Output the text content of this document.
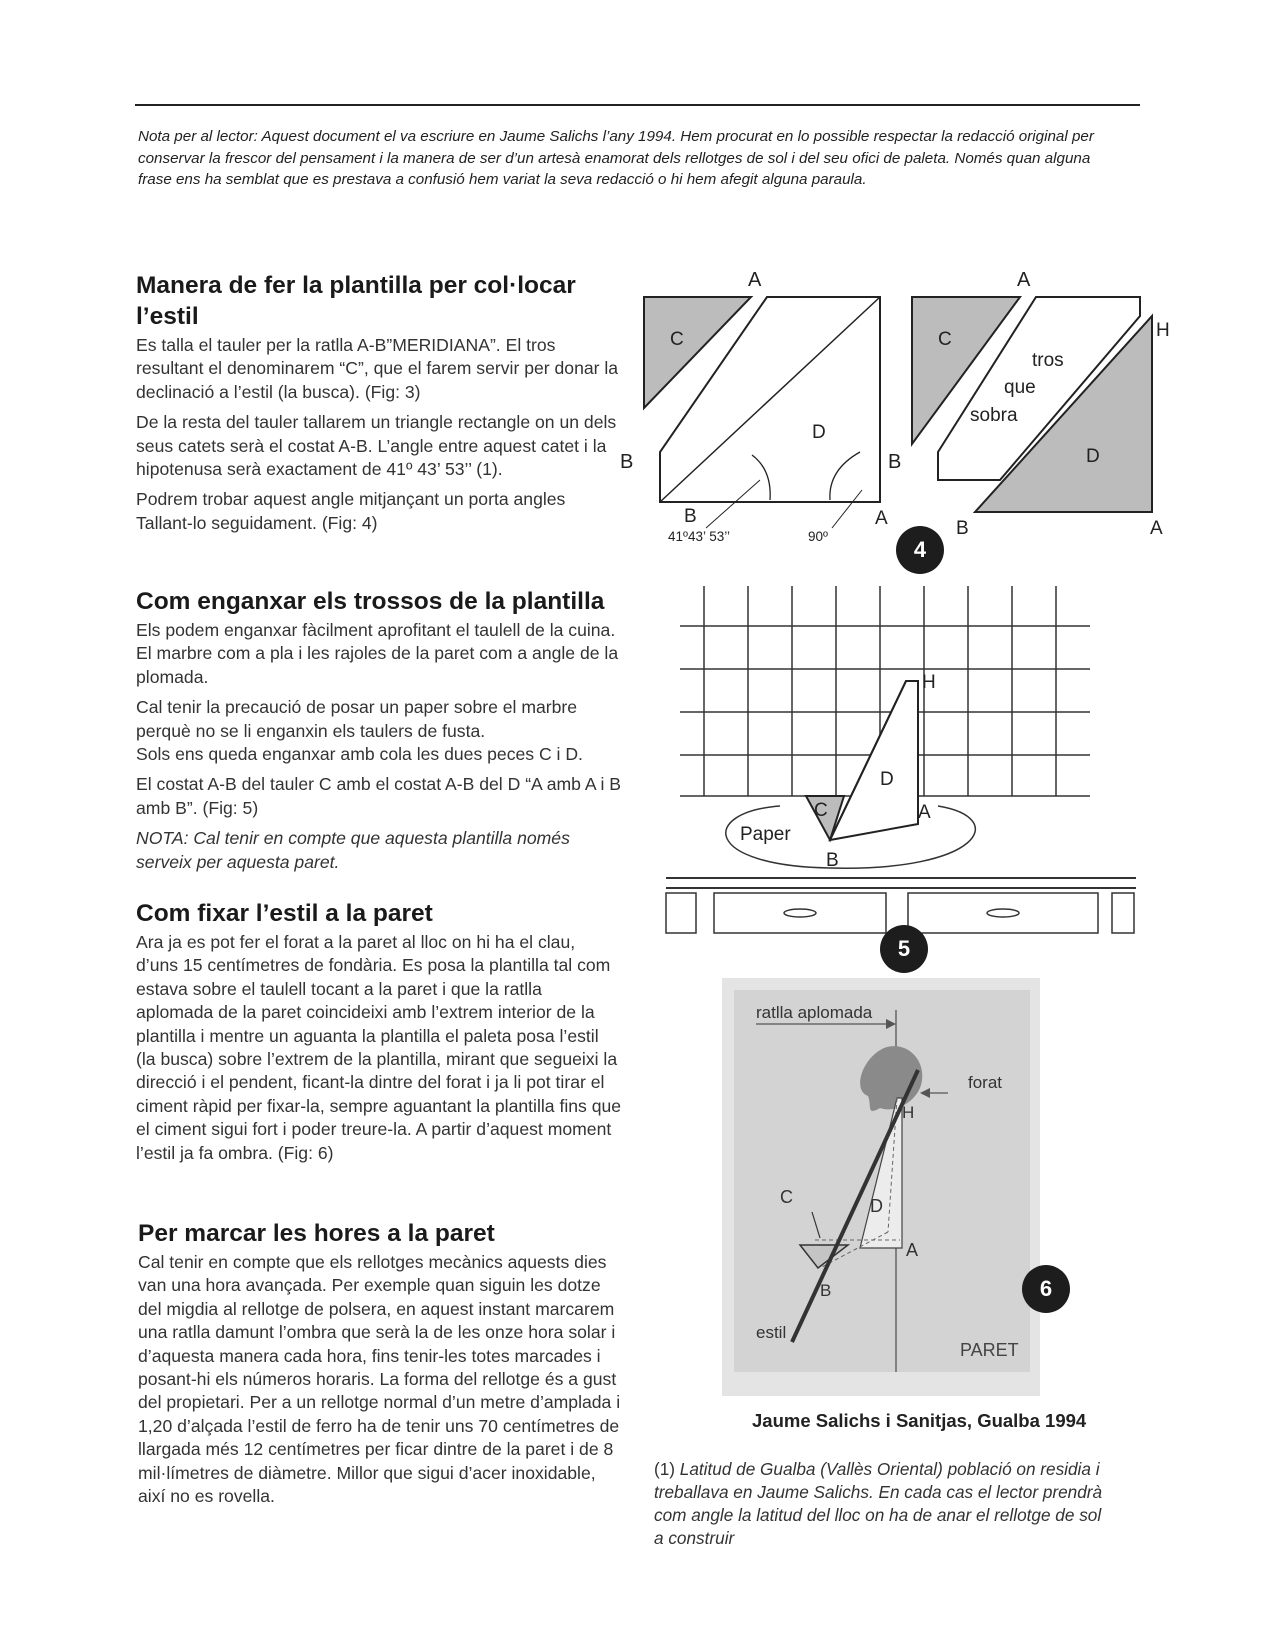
Nota per al lector: Aquest document el va escriure en Jaume Salichs l’any 1994. Hem procurat en lo possible respectar la redacció original per conservar la frescor del pensament i la manera de ser d’un artesà enamorat dels rellotges de sol i del seu ofici de paleta. Només quan alguna frase ens ha semblat que es prestava a confusió hem variat la seva redacció o hi hem afegit alguna paraula.
Manera de fer la plantilla per col·locar l’estil

Es talla el tauler per la ratlla A-B”MERIDIANA”. El tros resultant el denominarem “C”, que el farem servir per donar la declinació a l’estil (la busca). (Fig: 3)

De la resta del tauler tallarem un triangle rectangle on un dels seus catets serà el costat A-B. L’angle entre aquest catet i la hipotenusa serà exactament de 41º 43’ 53’’ (1).

Podrem trobar aquest angle mitjançant un porta angles Tallant-lo seguidament. (Fig: 4)

Com enganxar els trossos de la plantilla

Els podem enganxar fàcilment aprofitant el taulell de la cuina. El marbre com a pla i les rajoles de la paret com a angle de la plomada.

Cal tenir la precaució de posar un paper sobre el marbre perquè no se li enganxin els taulers de fusta.

Sols ens queda enganxar amb cola les dues peces C i D.

El costat A-B del tauler C amb el costat A-B del D “A amb A i B amb B”. (Fig: 5)

NOTA: Cal tenir en compte que aquesta plantilla només serveix per aquesta paret.

Com fixar l’estil a la paret

Ara ja es pot fer el forat a la paret al lloc on hi ha el clau, d’uns 15 centímetres de fondària. Es posa la plantilla tal com estava sobre el taulell tocant a la paret i que la ratlla aplomada de la paret coincideixi amb l’extrem interior de la plantilla i mentre un aguanta la plantilla el paleta posa l’estil (la busca) sobre l’extrem de la plantilla, mirant que segueixi la direcció i el pendent, ficant-la dintre del forat i ja li pot tirar el ciment ràpid per fixar-la, sempre aguantant la plantilla fins que el ciment sigui fort i poder treure-la. A partir d’aquest moment l’estil ja fa ombra. (Fig: 6)

Per marcar les hores a la paret

Cal tenir en compte que els rellotges mecànics aquests dies van una hora avançada. Per exemple quan siguin les dotze del migdia al rellotge de polsera, en aquest instant marcarem una ratlla damunt l’ombra que serà la de les onze hora solar i d’aquesta manera cada hora, fins tenir-les totes marcades i posant-hi els números horaris. La forma del rellotge és a gust del propietari. Per a un rellotge normal d’un metre d’amplada i 1,20 d’alçada l’estil de ferro ha de tenir uns 70 centímetres de llargada més 12 centímetres per ficar dintre de la paret i de 8 mil·límetres de diàmetre. Millor que sigui d’acer inoxidable, així no es rovella.

A
C
D
B
B	A
41º43’ 53’’	90º
A
C	H
tros
que
sobra
D
B
B	A
H
D
C	A
Paper
B
ratlla aplomada
forat
H
C	D
A
B
estil
PARET
4
5
6
Jaume Salichs i Sanitjas, Gualba 1994
(1) Latitud de Gualba (Vallès Oriental) població on residia i treballava en Jaume Salichs. En cada cas el lector prendrà com angle la latitud del lloc on ha de anar el rellotge de sol a construir
